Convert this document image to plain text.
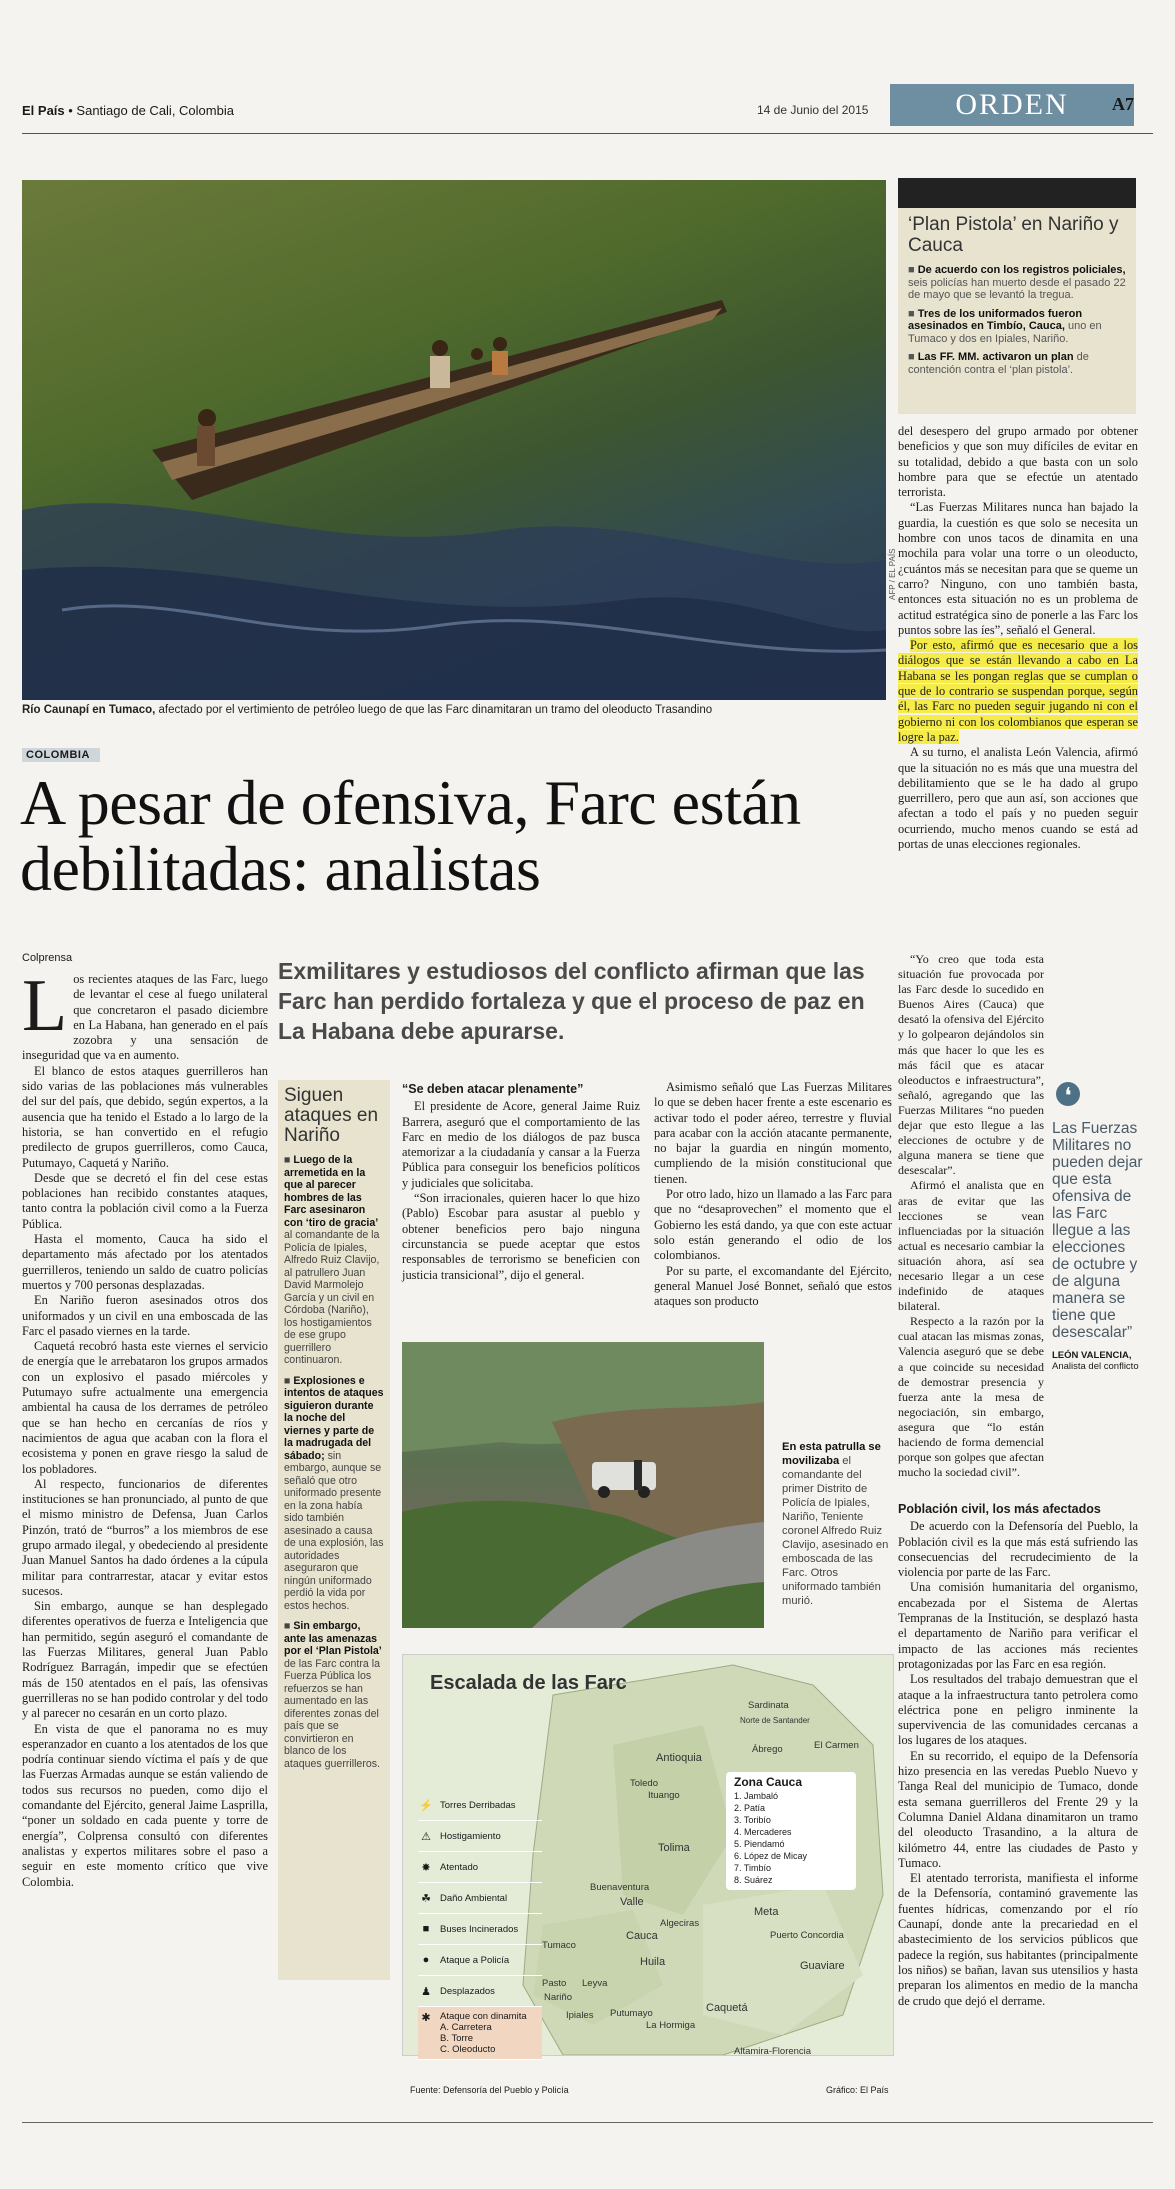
El País • Santiago de Cali, Colombia	14 de Junio del 2015	ORDEN	A7
AFP / EL PAÍS
Río Caunapí en Tumaco, afectado por el vertimiento de petróleo luego de que las Farc dinamitaran un tramo del oleoducto Trasandino
COLOMBIA
A pesar de ofensiva, Farc están debilitadas: analistas
Colprensa	Exmilitares y estudiosos del conflicto afirman que las Farc han perdido fortaleza y que el proceso de paz en La Habana debe apurarse.

Los recientes ataques de las Farc, luego de levantar el cese al fuego unilateral que concretaron el pasado diciembre en La Habana, han generado en el país zozobra y una sensación de inseguridad que va en aumento.

El blanco de estos ataques guerrilleros han sido varias de las poblaciones más vulnerables del sur del país, que debido, según expertos, a la ausencia que ha tenido el Estado a lo largo de la historia, se han convertido en el refugio predilecto de grupos guerrilleros, como Cauca, Putumayo, Caquetá y Nariño.

Desde que se decretó el fin del cese estas poblaciones han recibido constantes ataques, tanto contra la población civil como a la Fuerza Pública.

Hasta el momento, Cauca ha sido el departamento más afectado por los atentados guerrilleros, teniendo un saldo de cuatro policías muertos y 700 personas desplazadas.

En Nariño fueron asesinados otros dos uniformados y un civil en una emboscada de las Farc el pasado viernes en la tarde.

Caquetá recobró hasta este viernes el servicio de energía que le arrebataron los grupos armados con un explosivo el pasado miércoles y Putumayo sufre actualmente una emergencia ambiental ha causa de los derrames de petróleo que se han hecho en cercanías de ríos y nacimientos de agua que acaban con la flora el ecosistema y ponen en grave riesgo la salud de los pobladores.

Al respecto, funcionarios de diferentes instituciones se han pronunciado, al punto de que el mismo ministro de Defensa, Juan Carlos Pinzón, trató de “burros” a los miembros de ese grupo armado ilegal, y obedeciendo al presidente Juan Manuel Santos ha dado órdenes a la cúpula militar para contrarrestar, atacar y evitar estos sucesos.

Sin embargo, aunque se han desplegado diferentes operativos de fuerza e Inteligencia que han permitido, según aseguró el comandante de las Fuerzas Militares, general Juan Pablo Rodríguez Barragán, impedir que se efectúen más de 150 atentados en el país, las ofensivas guerrilleras no se han podido controlar y del todo y al parecer no cesarán en un corto plazo.

En vista de que el panorama no es muy esperanzador en cuanto a los atentados de los que podría continuar siendo víctima el país y de que las Fuerzas Armadas aunque se están valiendo de todos sus recursos no pueden, como dijo el comandante del Ejército, general Jaime Lasprilla, “poner un soldado en cada puente y torre de energía”, Colprensa consultó con diferentes analistas y expertos militares sobre el paso a seguir en este momento crítico que vive Colombia.

Siguen ataques en Nariño
■ Luego de la arremetida en la que al parecer hombres de las Farc asesinaron con ‘tiro de gracia’ al comandante de la Policía de Ipiales, Alfredo Ruiz Clavijo, al patrullero Juan David Marmolejo García y un civil en Córdoba (Nariño), los hostigamientos de ese grupo guerrillero continuaron.
■ Explosiones e intentos de ataques siguieron durante la noche del viernes y parte de la madrugada del sábado; sin embargo, aunque se señaló que otro uniformado presente en la zona había sido también asesinado a causa de una explosión, las autoridades aseguraron que ningún uniformado perdió la vida por estos hechos.
■ Sin embargo, ante las amenazas por el ‘Plan Pistola’ de las Farc contra la Fuerza Pública los refuerzos se han aumentado en las diferentes zonas del país que se convirtieron en blanco de los ataques guerrilleros.
“Se deben atacar plenamente”

El presidente de Acore, general Jaime Ruiz Barrera, aseguró que el comportamiento de las Farc en medio de los diálogos de paz busca atemorizar a la ciudadanía y cansar a la Fuerza Pública para conseguir los beneficios políticos y judiciales que solicitaba.

“Son irracionales, quieren hacer lo que hizo (Pablo) Escobar para asustar al pueblo y obtener beneficios pero bajo ninguna circunstancia se puede aceptar que estos responsables de terrorismo se beneficien con justicia transicional”, dijo el general.

Asimismo señaló que Las Fuerzas Militares lo que se deben hacer frente a este escenario es activar todo el poder aéreo, terrestre y fluvial para acabar con la acción atacante permanente, no bajar la guardia en ningún momento, cumpliendo de la misión constitucional que tienen.

Por otro lado, hizo un llamado a las Farc para que no “desaprovechen” el momento que el Gobierno les está dando, ya que con este actuar solo están generando el odio de los colombianos.

Por su parte, el excomandante del Ejército, general Manuel José Bonnet, señaló que estos ataques son producto

En esta patrulla se movilizaba el comandante del primer Distrito de Policía de Ipiales, Nariño, Teniente coronel Alfredo Ruiz Clavijo, asesinado en emboscada de las Farc. Otros uniformado también murió.
Escalada de las Farc
⚡ Torres Derribadas
⚠ Hostigamiento
✸ Atentado
☘ Daño Ambiental
■	Buses Incinerados
●	Ataque a Policía
♟ Desplazados
✱ Ataque con dinamita
A. Carretera
B. Torre
C. Oleoducto
Zona Cauca
1. Jambaló
2. Patía
3. Toribío
4. Mercaderes
5. Piendamó
6. López de Micay
7. Timbío
8. Suárez
Sardinata
Norte de Santander
Ábrego	El Carmen
Antioquia
Toledo
Ituango
Tolima
Buenaventura
Valle
Cauca
Algeciras
Huila
Meta
Puerto Concordia
Guaviare
Tumaco
Pasto
Nariño
Leyva
Ipiales Putumayo
La Hormiga
Caquetá
Altamira-Florencia
Fuente: Defensoría del Pueblo y Policía	Gráfico: El País
‘Plan Pistola’ en Nariño y Cauca
■ De acuerdo con los registros policiales, seis policías han muerto desde el pasado 22 de mayo que se levantó la tregua.
■ Tres de los uniformados fueron asesinados en Timbío, Cauca, uno en Tumaco y dos en Ipiales, Nariño.
■ Las FF. MM. activaron un plan de contención contra el ‘plan pistola’.

del desespero del grupo armado por obtener beneficios y que son muy difíciles de evitar en su totalidad, debido a que basta con un solo hombre para que se efectúe un atentado terrorista.

“Las Fuerzas Militares nunca han bajado la guardia, la cuestión es que solo se necesita un hombre con unos tacos de dinamita en una mochila para volar una torre o un oleoducto, ¿cuántos más se necesitan para que se queme un carro? Ninguno, con uno también basta, entonces esta situación no es un problema de actitud estratégica sino de ponerle a las Farc los puntos sobre las íes”, señaló el General.

Por esto, afirmó que es necesario que a los diálogos que se están llevando a cabo en La Habana se les pongan reglas que se cumplan o que de lo contrario se suspendan porque, según él, las Farc no pueden seguir jugando ni con el gobierno ni con los colombianos que esperan se logre la paz.

A su turno, el analista León Valencia, afirmó que la situación no es más que una muestra del debilitamiento que se le ha dado al grupo guerrillero, pero que aun así, son acciones que afectan a todo el país y no pueden seguir ocurriendo, mucho menos cuando se está ad portas de unas elecciones regionales.

“Yo creo que toda esta situación fue provocada por las Farc desde lo sucedido en Buenos Aires (Cauca) que desató la ofensiva del Ejército y lo golpearon dejándolos sin más que hacer lo que les es más fácil que es atacar oleoductos e infraestructura”, señaló, agregando que las Fuerzas Militares “no pueden dejar que esto llegue a las elecciones de octubre y de alguna manera se tiene que desescalar”.

Afirmó el analista que en aras de evitar que las lecciones se vean influenciadas por la situación actual es necesario cambiar la situación ahora, así sea necesario llegar a un cese indefinido de ataques bilateral.

Respecto a la razón por la cual atacan las mismas zonas, Valencia aseguró que se debe a que coincide su necesidad de demostrar presencia y fuerza ante la mesa de negociación, sin embargo, asegura que “lo están haciendo de forma demencial porque son golpes que afectan mucho la sociedad civil”.

Población civil, los más afectados

De acuerdo con la Defensoría del Pueblo, la Población civil es la que más está sufriendo las consecuencias del recrudecimiento de la violencia por parte de las Farc.

Una comisión humanitaria del organismo, encabezada por el Sistema de Alertas Tempranas de la Institución, se desplazó hasta el departamento de Nariño para verificar el impacto de las acciones más recientes protagonizadas por las Farc en esa región.

Los resultados del trabajo demuestran que el ataque a la infraestructura tanto petrolera como eléctrica pone en peligro inminente la supervivencia de las comunidades cercanas a los lugares de los ataques.

En su recorrido, el equipo de la Defensoría hizo presencia en las veredas Pueblo Nuevo y Tanga Real del municipio de Tumaco, donde esta semana guerrilleros del Frente 29 y la Columna Daniel Aldana dinamitaron un tramo del oleoducto Trasandino, a la altura de kilómetro 44, entre las ciudades de Pasto y Tumaco.

El atentado terrorista, manifiesta el informe de la Defensoría, contaminó gravemente las fuentes hídricas, comenzando por el río Caunapí, donde ante la precariedad en el abastecimiento de los servicios públicos que padece la región, sus habitantes (principalmente los niños) se bañan, lavan sus utensilios y hasta preparan los alimentos en medio de la mancha de crudo que dejó el derrame.

❛
Las Fuerzas Militares no pueden dejar que esta ofensiva de las Farc llegue a las elecciones de octubre y de alguna manera se tiene que desescalar”
LEÓN VALENCIA,
Analista del conflicto
